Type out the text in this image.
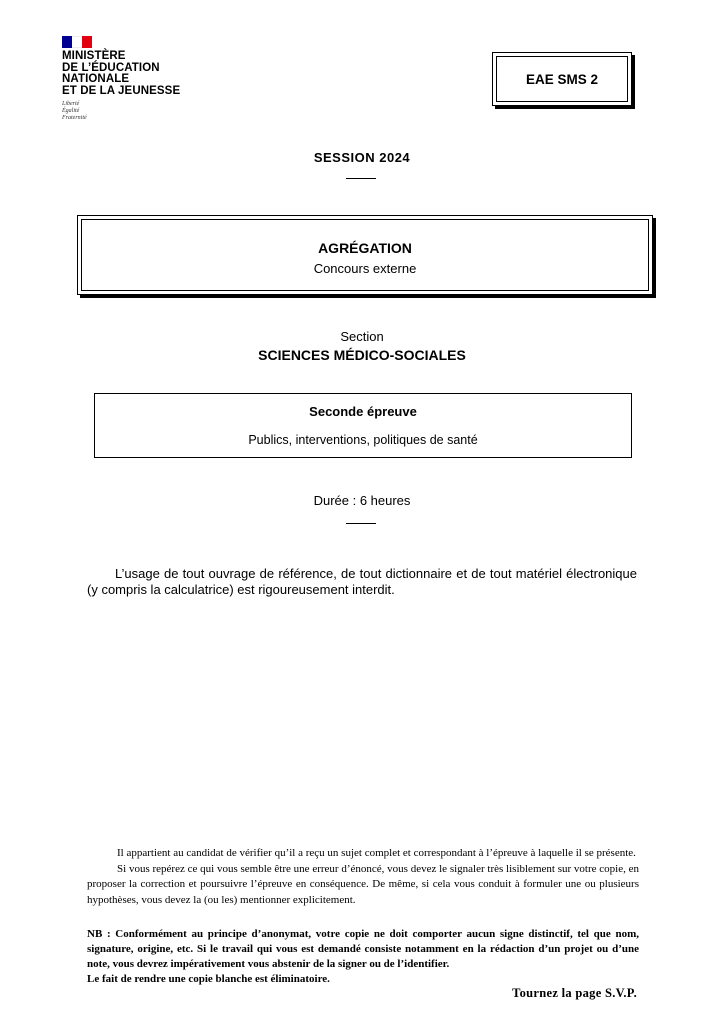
MINISTÈRE
DE L’ÉDUCATION
NATIONALE
ET DE LA JEUNESSE
Liberté
Égalité
Fraternité
EAE SMS 2
SESSION 2024
AGRÉGATION
Concours externe
Section
SCIENCES MÉDICO-SOCIALES
Seconde épreuve
Publics, interventions, politiques de santé
Durée : 6 heures
L’usage de tout ouvrage de référence, de tout dictionnaire et de tout matériel électronique (y compris la calculatrice) est rigoureusement interdit.

Il appartient au candidat de vérifier qu’il a reçu un sujet complet et correspondant à l’épreuve à laquelle il se présente.

Si vous repérez ce qui vous semble être une erreur d’énoncé, vous devez le signaler très lisiblement sur votre copie, en proposer la correction et poursuivre l’épreuve en conséquence. De même, si cela vous conduit à formuler une ou plusieurs hypothèses, vous devez la (ou les) mentionner explicitement.

NB : Conformément au principe d’anonymat, votre copie ne doit comporter aucun signe distinctif, tel que nom, signature, origine, etc. Si le travail qui vous est demandé consiste notamment en la rédaction d’un projet ou d’une note, vous devrez impérativement vous abstenir de la signer ou de l’identifier.

Le fait de rendre une copie blanche est éliminatoire.

Tournez la page S.V.P.
